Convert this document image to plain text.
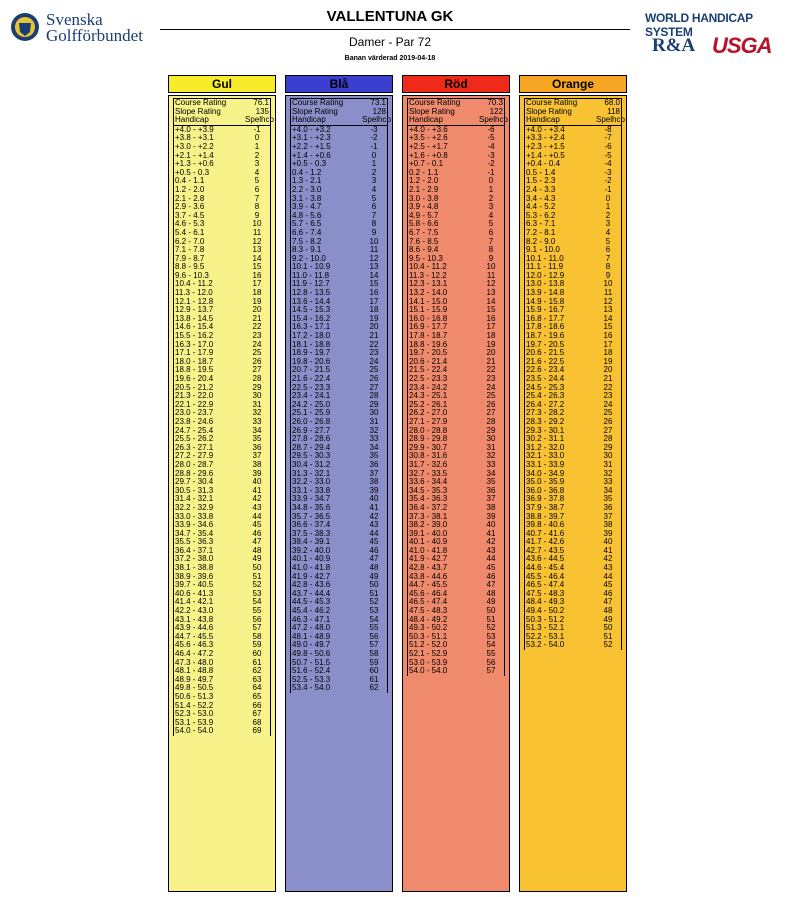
Svenska
Golfförbundet
VALLENTUNA GK
Damer - Par 72
Banan värderad 2019-04-18
WORLD HANDICAP SYSTEM
R&A USGA
Gul
Course Rating	76.1
Slope Rating	135
Handicap	Spelhcp
+4.0 - +3.9	-1
+3.8 - +3.1	0
+3.0 - +2.2	1
+2.1 - +1.4	2
+1.3 - +0.6	3
+0.5 - 0.3	4
0.4 - 1.1	5
1.2 - 2.0	6
2.1 - 2.8	7
2.9 - 3.6	8
3.7 - 4.5	9
4.6 - 5.3	10
5.4 - 6.1	11
6.2 - 7.0	12
7.1 - 7.8	13
7.9 - 8.7	14
8.8 - 9.5	15
9.6 - 10.3	16
10.4 - 11.2	17
11.3 - 12.0	18
12.1 - 12.8	19
12.9 - 13.7	20
13.8 - 14.5	21
14.6 - 15.4	22
15.5 - 16.2	23
16.3 - 17.0	24
17.1 - 17.9	25
18.0 - 18.7	26
18.8 - 19.5	27
19.6 - 20.4	28
20.5 - 21.2	29
21.3 - 22.0	30
22.1 - 22.9	31
23.0 - 23.7	32
23.8 - 24.6	33
24.7 - 25.4	34
25.5 - 26.2	35
26.3 - 27.1	36
27.2 - 27.9	37
28.0 - 28.7	38
28.8 - 29.6	39
29.7 - 30.4	40
30.5 - 31.3	41
31.4 - 32.1	42
32.2 - 32.9	43
33.0 - 33.8	44
33.9 - 34.6	45
34.7 - 35.4	46
35.5 - 36.3	47
36.4 - 37.1	48
37.2 - 38.0	49
38.1 - 38.8	50
38.9 - 39.6	51
39.7 - 40.5	52
40.6 - 41.3	53
41.4 - 42.1	54
42.2 - 43.0	55
43.1 - 43.8	56
43.9 - 44.6	57
44.7 - 45.5	58
45.6 - 46.3	59
46.4 - 47.2	60
47.3 - 48.0	61
48.1 - 48.8	62
48.9 - 49.7	63
49.8 - 50.5	64
50.6 - 51.3	65
51.4 - 52.2	66
52.3 - 53.0	67
53.1 - 53.9	68
54.0 - 54.0	69
Blå
Course Rating	73.1
Slope Rating	128
Handicap	Spelhcp
+4.0 - +3.2	-3
+3.1 - +2.3	-2
+2.2 - +1.5	-1
+1.4 - +0.6	0
+0.5 - 0.3	1
0.4 - 1.2	2
1.3 - 2.1	3
2.2 - 3.0	4
3.1 - 3.8	5
3.9 - 4.7	6
4.8 - 5.6	7
5.7 - 6.5	8
6.6 - 7.4	9
7.5 - 8.2	10
8.3 - 9.1	11
9.2 - 10.0	12
10.1 - 10.9	13
11.0 - 11.8	14
11.9 - 12.7	15
12.8 - 13.5	16
13.6 - 14.4	17
14.5 - 15.3	18
15.4 - 16.2	19
16.3 - 17.1	20
17.2 - 18.0	21
18.1 - 18.8	22
18.9 - 19.7	23
19.8 - 20.6	24
20.7 - 21.5	25
21.6 - 22.4	26
22.5 - 23.3	27
23.4 - 24.1	28
24.2 - 25.0	29
25.1 - 25.9	30
26.0 - 26.8	31
26.9 - 27.7	32
27.8 - 28.6	33
28.7 - 29.4	34
29.5 - 30.3	35
30.4 - 31.2	36
31.3 - 32.1	37
32.2 - 33.0	38
33.1 - 33.8	39
33.9 - 34.7	40
34.8 - 35.6	41
35.7 - 36.5	42
36.6 - 37.4	43
37.5 - 38.3	44
38.4 - 39.1	45
39.2 - 40.0	46
40.1 - 40.9	47
41.0 - 41.8	48
41.9 - 42.7	49
42.8 - 43.6	50
43.7 - 44.4	51
44.5 - 45.3	52
45.4 - 46.2	53
46.3 - 47.1	54
47.2 - 48.0	55
48.1 - 48.9	56
49.0 - 49.7	57
49.8 - 50.6	58
50.7 - 51.5	59
51.6 - 52.4	60
52.5 - 53.3	61
53.4 - 54.0	62
Röd
Course Rating	70.3
Slope Rating	122
Handicap	Spelhcp
+4.0 - +3.6	-6
+3.5 - +2.6	-5
+2.5 - +1.7	-4
+1.6 - +0.8	-3
+0.7 - 0.1	-2
0.2 - 1.1	-1
1.2 - 2.0	0
2.1 - 2.9	1
3.0 - 3.8	2
3.9 - 4.8	3
4.9 - 5.7	4
5.8 - 6.6	5
6.7 - 7.5	6
7.6 - 8.5	7
8.6 - 9.4	8
9.5 - 10.3	9
10.4 - 11.2	10
11.3 - 12.2	11
12.3 - 13.1	12
13.2 - 14.0	13
14.1 - 15.0	14
15.1 - 15.9	15
16.0 - 16.8	16
16.9 - 17.7	17
17.8 - 18.7	18
18.8 - 19.6	19
19.7 - 20.5	20
20.6 - 21.4	21
21.5 - 22.4	22
22.5 - 23.3	23
23.4 - 24.2	24
24.3 - 25.1	25
25.2 - 26.1	26
26.2 - 27.0	27
27.1 - 27.9	28
28.0 - 28.8	29
28.9 - 29.8	30
29.9 - 30.7	31
30.8 - 31.6	32
31.7 - 32.6	33
32.7 - 33.5	34
33.6 - 34.4	35
34.5 - 35.3	36
35.4 - 36.3	37
36.4 - 37.2	38
37.3 - 38.1	39
38.2 - 39.0	40
39.1 - 40.0	41
40.1 - 40.9	42
41.0 - 41.8	43
41.9 - 42.7	44
42.8 - 43.7	45
43.8 - 44.6	46
44.7 - 45.5	47
45.6 - 46.4	48
46.5 - 47.4	49
47.5 - 48.3	50
48.4 - 49.2	51
49.3 - 50.2	52
50.3 - 51.1	53
51.2 - 52.0	54
52.1 - 52.9	55
53.0 - 53.9	56
54.0 - 54.0	57
Orange
Course Rating	68.0
Slope Rating	118
Handicap	Spelhcp
+4.0 - +3.4	-8
+3.3 - +2.4	-7
+2.3 - +1.5	-6
+1.4 - +0.5	-5
+0.4 - 0.4	-4
0.5 - 1.4	-3
1.5 - 2.3	-2
2.4 - 3.3	-1
3.4 - 4.3	0
4.4 - 5.2	1
5.3 - 6.2	2
6.3 - 7.1	3
7.2 - 8.1	4
8.2 - 9.0	5
9.1 - 10.0	6
10.1 - 11.0	7
11.1 - 11.9	8
12.0 - 12.9	9
13.0 - 13.8	10
13.9 - 14.8	11
14.9 - 15.8	12
15.9 - 16.7	13
16.8 - 17.7	14
17.8 - 18.6	15
18.7 - 19.6	16
19.7 - 20.5	17
20.6 - 21.5	18
21.6 - 22.5	19
22.6 - 23.4	20
23.5 - 24.4	21
24.5 - 25.3	22
25.4 - 26.3	23
26.4 - 27.2	24
27.3 - 28.2	25
28.3 - 29.2	26
29.3 - 30.1	27
30.2 - 31.1	28
31.2 - 32.0	29
32.1 - 33.0	30
33.1 - 33.9	31
34.0 - 34.9	32
35.0 - 35.9	33
36.0 - 36.8	34
36.9 - 37.8	35
37.9 - 38.7	36
38.8 - 39.7	37
39.8 - 40.6	38
40.7 - 41.6	39
41.7 - 42.6	40
42.7 - 43.5	41
43.6 - 44.5	42
44.6 - 45.4	43
45.5 - 46.4	44
46.5 - 47.4	45
47.5 - 48.3	46
48.4 - 49.3	47
49.4 - 50.2	48
50.3 - 51.2	49
51.3 - 52.1	50
52.2 - 53.1	51
53.2 - 54.0	52
